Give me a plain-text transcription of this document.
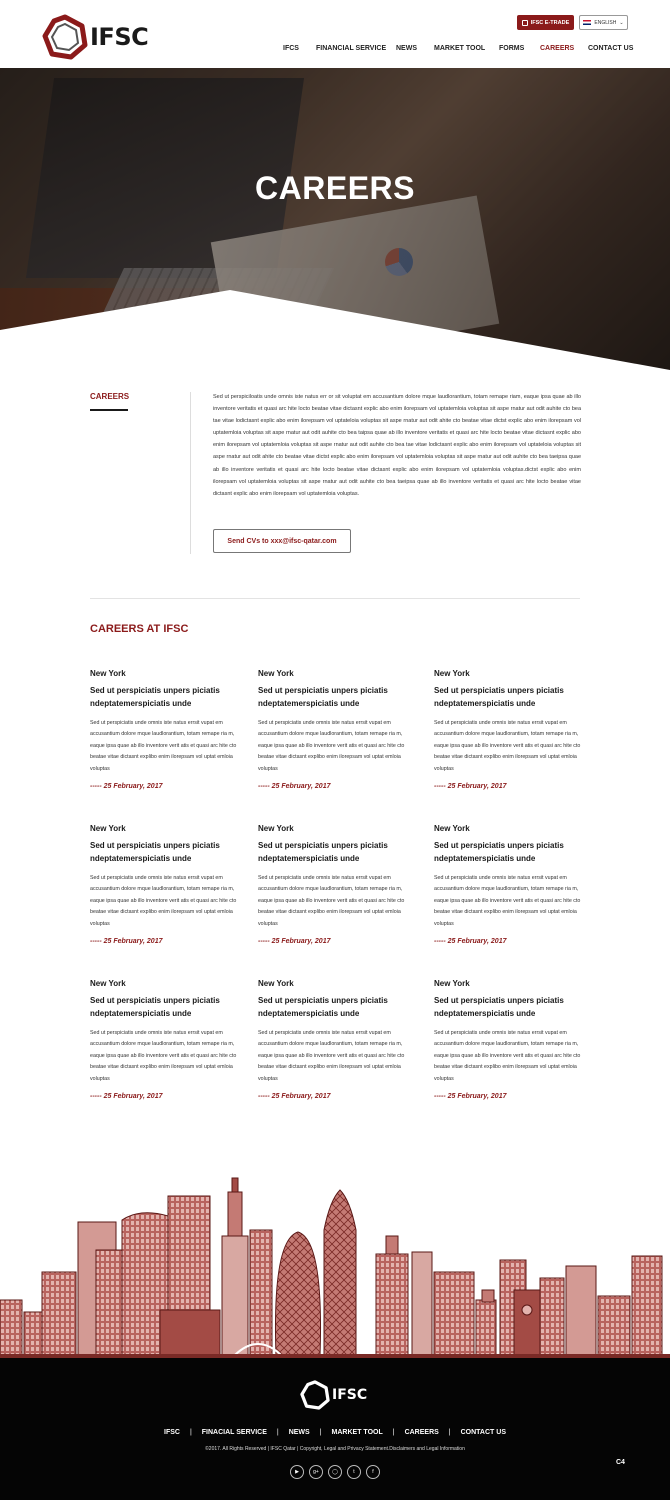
IFSC
IFSC E-TRADE	ENGLISH ⌄
IFCS FINANCIAL SERVICE NEWS MARKET TOOL FORMS CAREERS CONTACT US
CAREERS
CAREERS	Sed ut perspiciloatis unde omnis iste natus err or sit voluptat em accusantium dolore mque laudlorantium, totam remape riam, eaque ipsa quae ab illo inventore veritatis et quasi arc hite locto beatae vitae dictasnt explic abo enim ilorepsam vol uptatemloia voluptas sit aspe rnatur aut odit auhite cto bea tae vitae lodictasnt explic abo enim ilorepsam vol uptateloia voluptas sit aspe rnatur aut odit ahite cto beatae vitae dictst explic abo enim ilorepsam vol uptatemloia voluptas sit aspe rnatur aut odit auhite cto bea taipsa quae ab illo inventore veritatis et quasi arc hite locto beatae vitae dictasnt explic abo enim ilorepsam vol uptatemloia voluptas sit aspe rnatur aut odit auhite cto bea tae vitae lodictasnt explic abo enim ilorepsam vol uptateloia voluptas sit aspe rnatur aut odit ahite cto beatae vitae dictst explic abo enim ilorepsam vol uptatemloia voluptas sit aspe rnatur aut odit auhite cto bea taeipsa quae ab illo inventore veritatis et quasi arc hite locto beatae vitae dictasnt explic abo enim ilorepsam vol uptatemloia voluptas.dictst explic abo enim ilorepsam vol uptatemloia voluptas sit aspe rnatur aut odit auhite cto bea taeipsa quae ab illo inventore veritatis et quasi arc hite locto beatae vitae dictasnt explic abo enim ilorepsam vol uptatemloia voluptas.
Send CVs to xxx@ifsc-qatar.com
CAREERS AT IFSC
New York
Sed ut perspiciatis unpers piciatis ndeptatemerspiciatis unde
Sed ut perspiciatis unde omnis iste natus errsit vupat em accusantium dolore mque laudlorantium, totam remape ria m, eaque ipsa quae ab illo inventore verit atis et quasi arc hite cto beatae vitae dictasnt explibo enim ilorepsam vol uptat emloia voluptas
----- 25 February, 2017
New York
Sed ut perspiciatis unpers piciatis ndeptatemerspiciatis unde
Sed ut perspiciatis unde omnis iste natus errsit vupat em accusantium dolore mque laudlorantium, totam remape ria m, eaque ipsa quae ab illo inventore verit atis et quasi arc hite cto beatae vitae dictasnt explibo enim ilorepsam vol uptat emloia voluptas
----- 25 February, 2017
New York
Sed ut perspiciatis unpers piciatis ndeptatemerspiciatis unde
Sed ut perspiciatis unde omnis iste natus errsit vupat em accusantium dolore mque laudlorantium, totam remape ria m, eaque ipsa quae ab illo inventore verit atis et quasi arc hite cto beatae vitae dictasnt explibo enim ilorepsam vol uptat emloia voluptas
----- 25 February, 2017
New York
Sed ut perspiciatis unpers piciatis ndeptatemerspiciatis unde
Sed ut perspiciatis unde omnis iste natus errsit vupat em accusantium dolore mque laudlorantium, totam remape ria m, eaque ipsa quae ab illo inventore verit atis et quasi arc hite cto beatae vitae dictasnt explibo enim ilorepsam vol uptat emloia voluptas
----- 25 February, 2017
New York
Sed ut perspiciatis unpers piciatis ndeptatemerspiciatis unde
Sed ut perspiciatis unde omnis iste natus errsit vupat em accusantium dolore mque laudlorantium, totam remape ria m, eaque ipsa quae ab illo inventore verit atis et quasi arc hite cto beatae vitae dictasnt explibo enim ilorepsam vol uptat emloia voluptas
----- 25 February, 2017
New York
Sed ut perspiciatis unpers piciatis ndeptatemerspiciatis unde
Sed ut perspiciatis unde omnis iste natus errsit vupat em accusantium dolore mque laudlorantium, totam remape ria m, eaque ipsa quae ab illo inventore verit atis et quasi arc hite cto beatae vitae dictasnt explibo enim ilorepsam vol uptat emloia voluptas
----- 25 February, 2017
New York
Sed ut perspiciatis unpers piciatis ndeptatemerspiciatis unde
Sed ut perspiciatis unde omnis iste natus errsit vupat em accusantium dolore mque laudlorantium, totam remape ria m, eaque ipsa quae ab illo inventore verit atis et quasi arc hite cto beatae vitae dictasnt explibo enim ilorepsam vol uptat emloia voluptas
----- 25 February, 2017
New York
Sed ut perspiciatis unpers piciatis ndeptatemerspiciatis unde
Sed ut perspiciatis unde omnis iste natus errsit vupat em accusantium dolore mque laudlorantium, totam remape ria m, eaque ipsa quae ab illo inventore verit atis et quasi arc hite cto beatae vitae dictasnt explibo enim ilorepsam vol uptat emloia voluptas
----- 25 February, 2017
New York
Sed ut perspiciatis unpers piciatis ndeptatemerspiciatis unde
Sed ut perspiciatis unde omnis iste natus errsit vupat em accusantium dolore mque laudlorantium, totam remape ria m, eaque ipsa quae ab illo inventore verit atis et quasi arc hite cto beatae vitae dictasnt explibo enim ilorepsam vol uptat emloia voluptas
----- 25 February, 2017
IFSC
IFSC | FINACIAL SERVICE | NEWS | MARKET TOOL | CAREERS | CONTACT US
©2017. All Rights Reserved | IFSC Qatar | Copyright, Legal and Privacy Statement.Disclaimers and Legal Information
▶	g+	◯	t	f
C4
